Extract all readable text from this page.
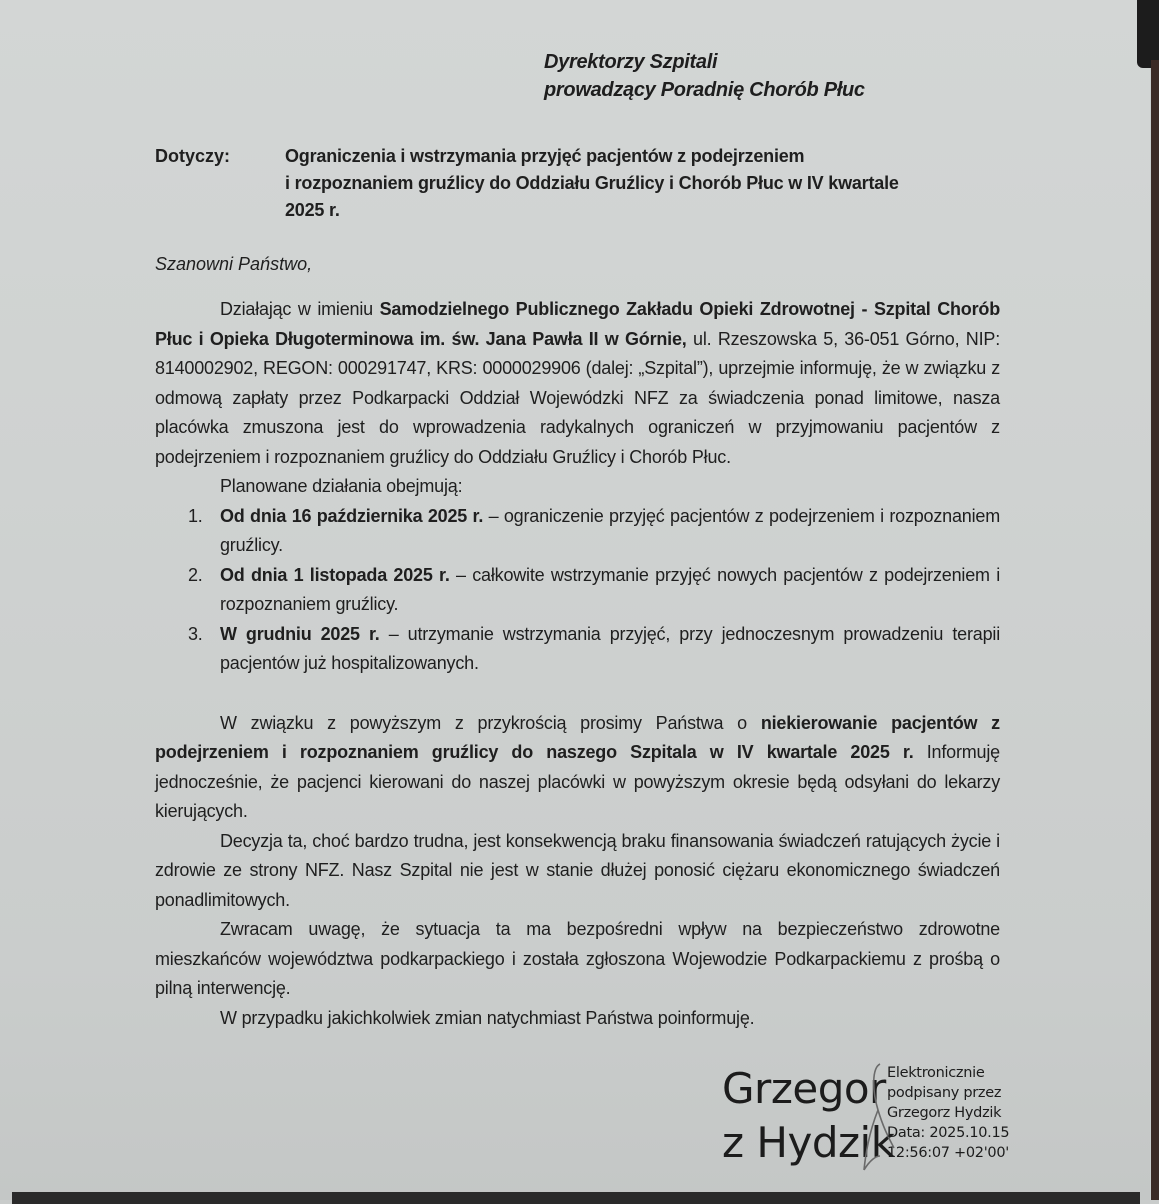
Dyrektorzy Szpitali
prowadzący Poradnię Chorób Płuc
Dotyczy:	Ograniczenia i wstrzymania przyjęć pacjentów z podejrzeniem
i rozpoznaniem gruźlicy do Oddziału Gruźlicy i Chorób Płuc w IV kwartale
2025 r.
Szanowni Państwo,

Działając w imieniu Samodzielnego Publicznego Zakładu Opieki Zdrowotnej - Szpital Chorób Płuc i Opieka Długoterminowa im. św. Jana Pawła II w Górnie, ul. Rzeszowska 5, 36-051 Górno, NIP: 8140002902, REGON: 000291747, KRS: 0000029906 (dalej: „Szpital”), uprzejmie informuję, że w związku z odmową zapłaty przez Podkarpacki Oddział Wojewódzki NFZ za świadczenia ponad limitowe, nasza placówka zmuszona jest do wprowadzenia radykalnych ograniczeń w przyjmowaniu pacjentów z podejrzeniem i rozpoznaniem gruźlicy do Oddziału Gruźlicy i Chorób Płuc.

Planowane działania obejmują:

1. Od dnia 16 października 2025 r. – ograniczenie przyjęć pacjentów z podejrzeniem i rozpoznaniem gruźlicy.
2. Od dnia 1 listopada 2025 r. – całkowite wstrzymanie przyjęć nowych pacjentów z podejrzeniem i rozpoznaniem gruźlicy.
3. W grudniu 2025 r. – utrzymanie wstrzymania przyjęć, przy jednoczesnym prowadzeniu terapii pacjentów już hospitalizowanych.

W związku z powyższym z przykrością prosimy Państwa o niekierowanie pacjentów z podejrzeniem i rozpoznaniem gruźlicy do naszego Szpitala w IV kwartale 2025 r. Informuję jednocześnie, że pacjenci kierowani do naszej placówki w powyższym okresie będą odsyłani do lekarzy kierujących.

Decyzja ta, choć bardzo trudna, jest konsekwencją braku finansowania świadczeń ratujących życie i zdrowie ze strony NFZ. Nasz Szpital nie jest w stanie dłużej ponosić ciężaru ekonomicznego świadczeń ponadlimitowych.

Zwracam uwagę, że sytuacja ta ma bezpośredni wpływ na bezpieczeństwo zdrowotne mieszkańców województwa podkarpackiego i została zgłoszona Wojewodzie Podkarpackiemu z prośbą o pilną interwencję.

W przypadku jakichkolwiek zmian natychmiast Państwa poinformuję.

Grzegor
z Hydzik
Elektronicznie
podpisany przez
Grzegorz Hydzik
Data: 2025.10.15
12:56:07 +02'00'
